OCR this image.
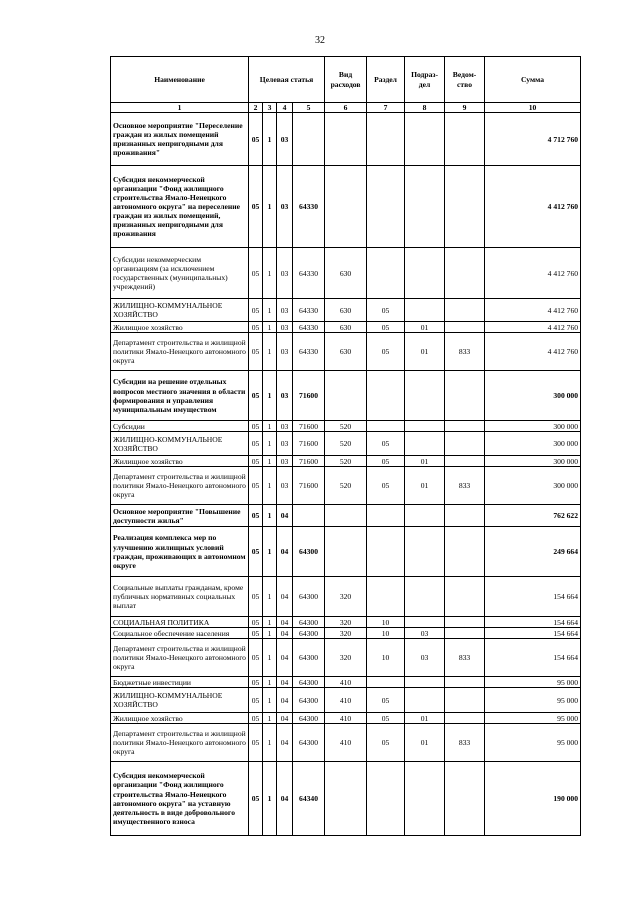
32
Наименование	Целевая статья				Вид расходов	Раздел	Подраз-дел	Ведом-ство	Сумма
1	2	3	4	5	6	7	8	9	10
Основное мероприятие "Переселение граждан из жилых помещений признанных непригодными для проживания"	05	1	03						4 712 760
Субсидия некоммерческой организации "Фонд жилищного строительства Ямало-Ненецкого автономного округа" на переселение граждан из жилых помещений, признанных непригодными для проживания	05	1	03	64330					4 412 760
Субсидии некоммерческим организациям (за исключением государственных (муниципальных) учреждений)	05	1	03	64330	630				4 412 760
ЖИЛИЩНО-КОММУНАЛЬНОЕ ХОЗЯЙСТВО	05	1	03	64330	630	05			4 412 760
Жилищное хозяйство	05	1	03	64330	630	05	01		4 412 760
Департамент строительства и жилищной политики Ямало-Ненецкого автономного округа	05	1	03	64330	630	05	01	833	4 412 760
Субсидии на решение отдельных вопросов местного значения в области формирования и управления муниципальным имуществом	05	1	03	71600					300 000
Субсидии	05	1	03	71600	520				300 000
ЖИЛИЩНО-КОММУНАЛЬНОЕ ХОЗЯЙСТВО	05	1	03	71600	520	05			300 000
Жилищное хозяйство	05	1	03	71600	520	05	01		300 000
Департамент строительства и жилищной политики Ямало-Ненецкого автономного округа	05	1	03	71600	520	05	01	833	300 000
Основное мероприятие "Повышение доступности жилья"	05	1	04						762 622
Реализация комплекса мер по улучшению жилищных условий граждан, проживающих в автономном округе	05	1	04	64300					249 664
Социальные выплаты гражданам, кроме публичных нормативных социальных выплат	05	1	04	64300	320				154 664
СОЦИАЛЬНАЯ ПОЛИТИКА	05	1	04	64300	320	10			154 664
Социальное обеспечение населения	05	1	04	64300	320	10	03		154 664
Департамент строительства и жилищной политики Ямало-Ненецкого автономного округа	05	1	04	64300	320	10	03	833	154 664
Бюджетные инвестиции	05	1	04	64300	410				95 000
ЖИЛИЩНО-КОММУНАЛЬНОЕ ХОЗЯЙСТВО	05	1	04	64300	410	05			95 000
Жилищное хозяйство	05	1	04	64300	410	05	01		95 000
Департамент строительства и жилищной политики Ямало-Ненецкого автономного округа	05	1	04	64300	410	05	01	833	95 000
Субсидия некоммерческой организации "Фонд жилищного строительства Ямало-Ненецкого автономного округа" на уставную деятельность в виде добровольного имущественного взноса	05	1	04	64340					190 000
